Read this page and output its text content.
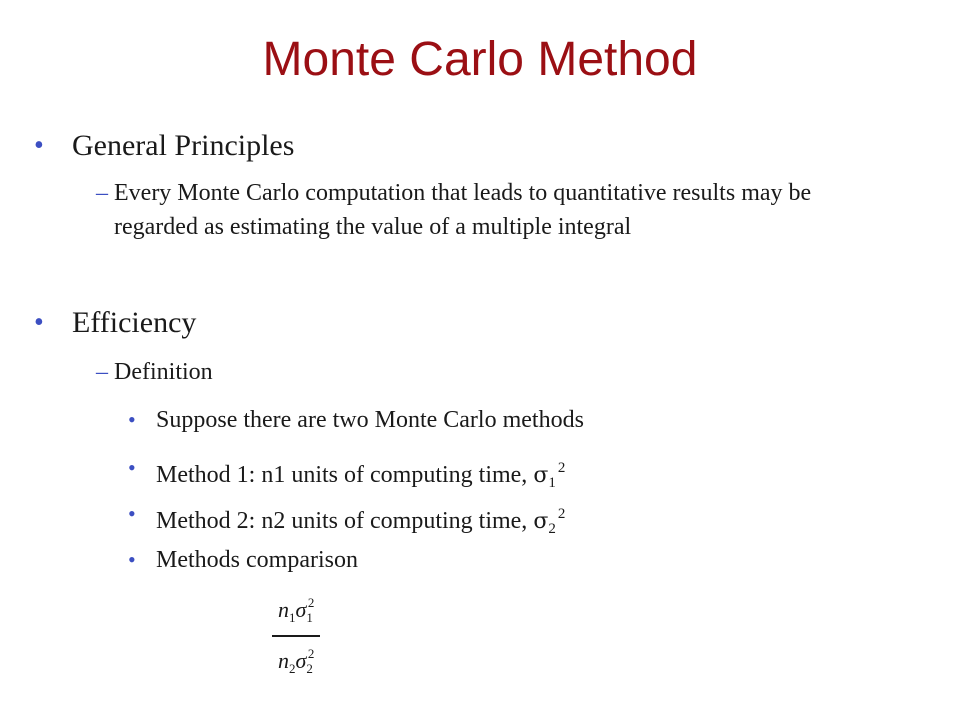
Monte Carlo Method
• General Principles
– Every Monte Carlo computation that leads to quantitative results may be regarded as estimating the value of a multiple integral
• Efficiency
– Definition
• Suppose there are two Monte Carlo methods
• Method 1: n1 units of computing time, $\sigma_1^2$
• Method 2: n2 units of computing time, $\sigma_2^2$
• Methods comparison
$n_1\sigma_1^2$
$n_2\sigma_2^2$
